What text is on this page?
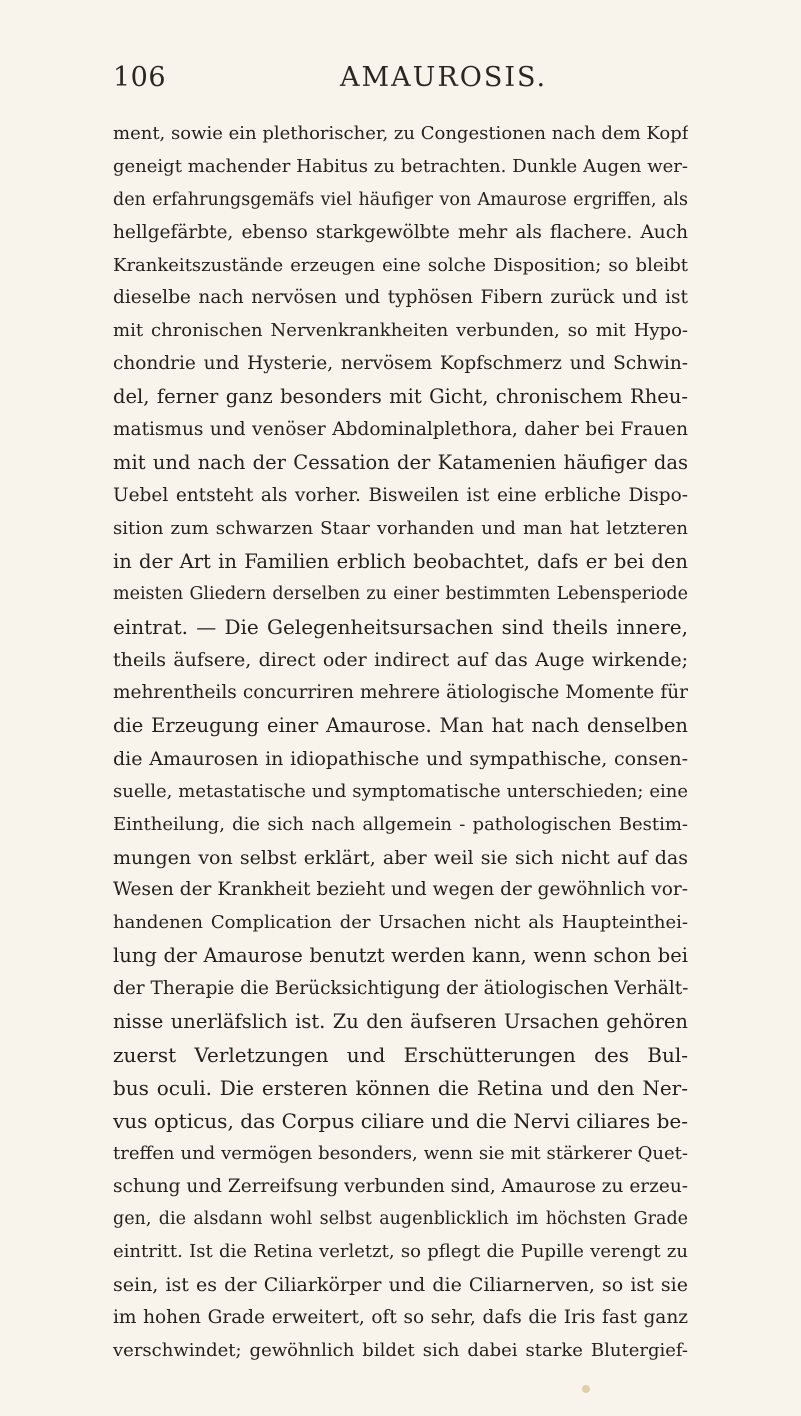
106	AMAUROSIS.
ment, sowie ein plethorischer, zu Congestionen nach dem Kopf
geneigt machender Habitus zu betrachten. Dunkle Augen wer-
den erfahrungsgemäfs viel häufiger von Amaurose ergriffen, als
hellgefärbte, ebenso starkgewölbte mehr als flachere. Auch
Krankeitszustände erzeugen eine solche Disposition; so bleibt
dieselbe nach nervösen und typhösen Fibern zurück und ist
mit chronischen Nervenkrankheiten verbunden, so mit Hypo-
chondrie und Hysterie, nervösem Kopfschmerz und Schwin-
del, ferner ganz besonders mit Gicht, chronischem Rheu-
matismus und venöser Abdominalplethora, daher bei Frauen
mit und nach der Cessation der Katamenien häufiger das
Uebel entsteht als vorher. Bisweilen ist eine erbliche Dispo-
sition zum schwarzen Staar vorhanden und man hat letzteren
in der Art in Familien erblich beobachtet, dafs er bei den
meisten Gliedern derselben zu einer bestimmten Lebensperiode
eintrat. — Die Gelegenheitsursachen sind theils innere,
theils äufsere, direct oder indirect auf das Auge wirkende;
mehrentheils concurriren mehrere ätiologische Momente für
die Erzeugung einer Amaurose. Man hat nach denselben
die Amaurosen in idiopathische und sympathische, consen-
suelle, metastatische und symptomatische unterschieden; eine
Eintheilung, die sich nach allgemein - pathologischen Bestim-
mungen von selbst erklärt, aber weil sie sich nicht auf das
Wesen der Krankheit bezieht und wegen der gewöhnlich vor-
handenen Complication der Ursachen nicht als Haupteinthei-
lung der Amaurose benutzt werden kann, wenn schon bei
der Therapie die Berücksichtigung der ätiologischen Verhält-
nisse unerläfslich ist. Zu den äufseren Ursachen gehören
zuerst Verletzungen und Erschütterungen des Bul-
bus oculi. Die ersteren können die Retina und den Ner-
vus opticus, das Corpus ciliare und die Nervi ciliares be-
treffen und vermögen besonders, wenn sie mit stärkerer Quet-
schung und Zerreifsung verbunden sind, Amaurose zu erzeu-
gen, die alsdann wohl selbst augenblicklich im höchsten Grade
eintritt. Ist die Retina verletzt, so pflegt die Pupille verengt zu
sein, ist es der Ciliarkörper und die Ciliarnerven, so ist sie
im hohen Grade erweitert, oft so sehr, dafs die Iris fast ganz
verschwindet; gewöhnlich bildet sich dabei starke Blutergief-
